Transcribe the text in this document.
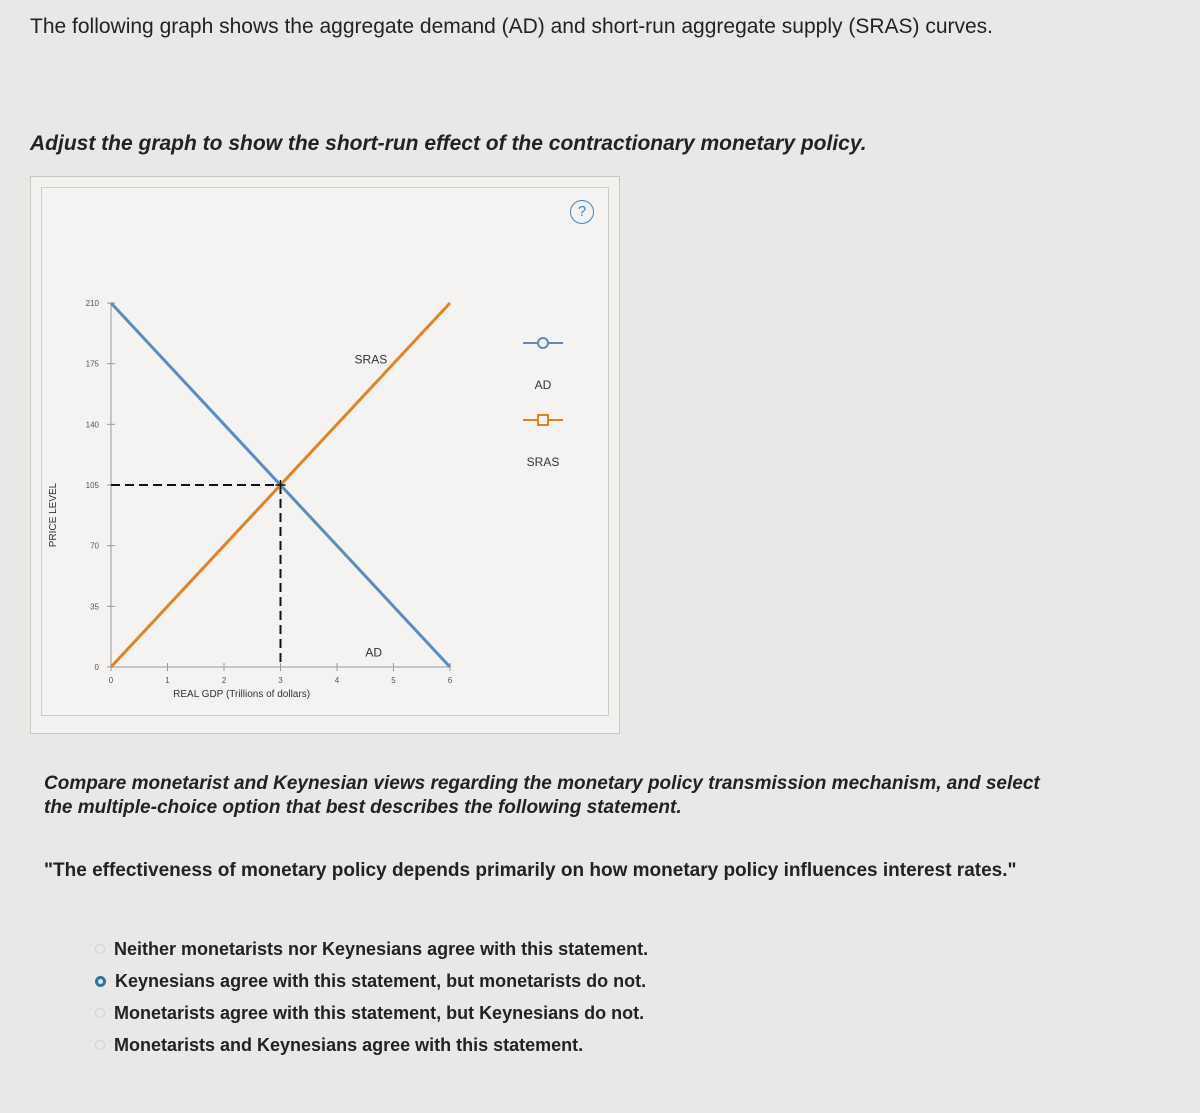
The following graph shows the aggregate demand (AD) and short-run aggregate supply (SRAS) curves.
Adjust the graph to show the short-run effect of the contractionary monetary policy.
?
0
35
70
105
140
175
210
0	1	2	3	4	5	6
REAL GDP (Trillions of dollars)
PRICE LEVEL
AD
SRAS
AD
SRAS
Compare monetarist and Keynesian views regarding the monetary policy transmission mechanism, and select the multiple-choice option that best describes the following statement.
"The effectiveness of monetary policy depends primarily on how monetary policy influences interest rates."
Neither monetarists nor Keynesians agree with this statement.
Keynesians agree with this statement, but monetarists do not.
Monetarists agree with this statement, but Keynesians do not.
Monetarists and Keynesians agree with this statement.
